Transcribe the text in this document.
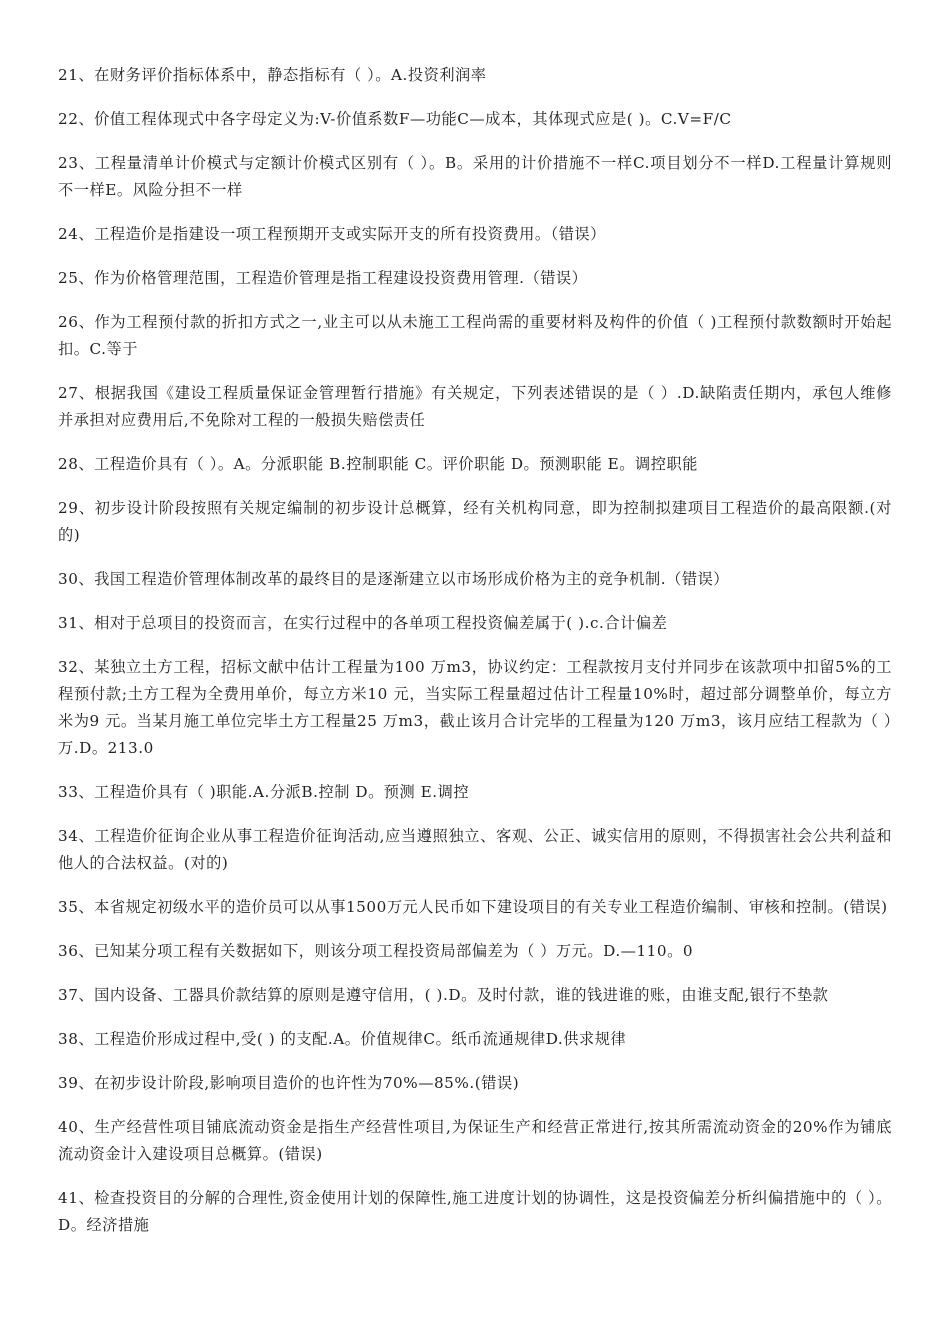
21、在财务评价指标体系中，静态指标有（ ）。A.投资利润率

22、价值工程体现式中各字母定义为:V-价值系数F—功能C—成本，其体现式应是( )。C.V=F/C

23、工程量清单计价模式与定额计价模式区别有（ ）。B。采用的计价措施不一样C.项目划分不一样D.工程量计算规则不一样E。风险分担不一样

24、工程造价是指建设一项工程预期开支或实际开支的所有投资费用。（错误）

25、作为价格管理范围，工程造价管理是指工程建设投资费用管理.（错误）

26、作为工程预付款的折扣方式之一,业主可以从未施工工程尚需的重要材料及构件的价值（ )工程预付款数额时开始起扣。C.等于

27、根据我国《建设工程质量保证金管理暂行措施》有关规定，下列表述错误的是（ ）.D.缺陷责任期内，承包人维修并承担对应费用后,不免除对工程的一般损失赔偿责任

28、工程造价具有（ ）。A。分派职能 B.控制职能 C。评价职能 D。预测职能 E。调控职能

29、初步设计阶段按照有关规定编制的初步设计总概算，经有关机构同意，即为控制拟建项目工程造价的最高限额.(对的)

30、我国工程造价管理体制改革的最终目的是逐渐建立以市场形成价格为主的竞争机制.（错误）

31、相对于总项目的投资而言，在实行过程中的各单项工程投资偏差属于( ).c.合计偏差

32、某独立土方工程，招标文献中估计工程量为100 万m3，协议约定：工程款按月支付并同步在该款项中扣留5%的工程预付款;土方工程为全费用单价，每立方米10 元，当实际工程量超过估计工程量10%时，超过部分调整单价，每立方米为9 元。当某月施工单位完毕土方工程量25 万m3，截止该月合计完毕的工程量为120 万m3，该月应结工程款为（ ）万.D。213.0

33、工程造价具有（ )职能.A.分派B.控制 D。预测 E.调控

34、工程造价征询企业从事工程造价征询活动,应当遵照独立、客观、公正、诚实信用的原则，不得损害社会公共利益和他人的合法权益。(对的)

35、本省规定初级水平的造价员可以从事1500万元人民币如下建设项目的有关专业工程造价编制、审核和控制。(错误)

36、已知某分项工程有关数据如下，则该分项工程投资局部偏差为（ ）万元。D.—110。0

37、国内设备、工器具价款结算的原则是遵守信用，( ).D。及时付款，谁的钱进谁的账，由谁支配,银行不垫款

38、工程造价形成过程中,受( ) 的支配.A。价值规律C。纸币流通规律D.供求规律

39、在初步设计阶段,影响项目造价的也许性为70%—85%.(错误)

40、生产经营性项目铺底流动资金是指生产经营性项目,为保证生产和经营正常进行,按其所需流动资金的20%作为铺底流动资金计入建设项目总概算。(错误)

41、检查投资目的分解的合理性,资金使用计划的保障性,施工进度计划的协调性，这是投资偏差分析纠偏措施中的（ ）。D。经济措施
